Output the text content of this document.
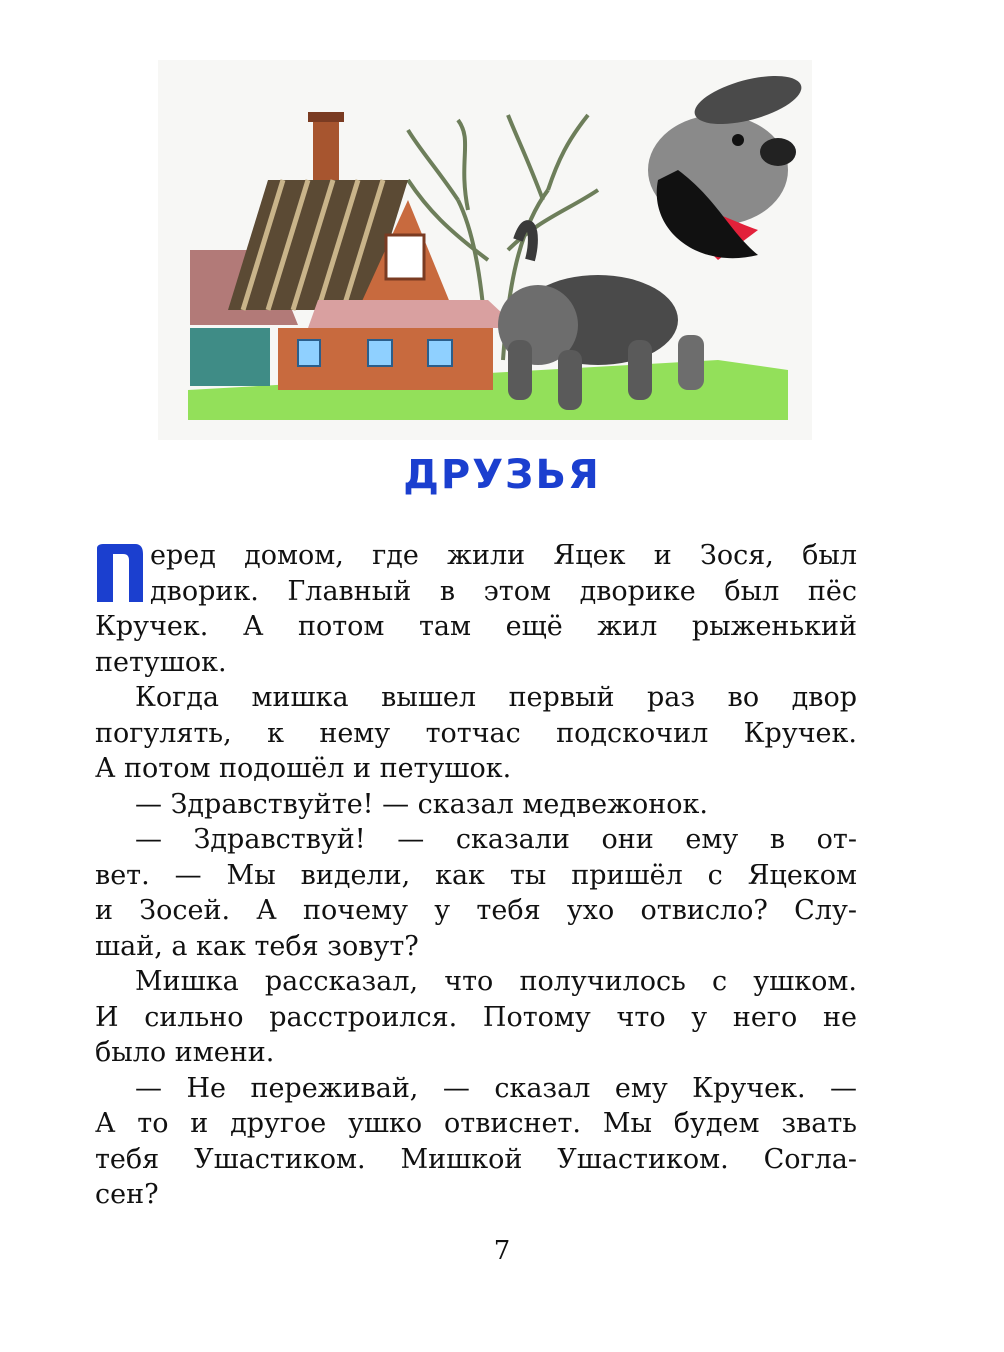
ДРУЗЬЯ
еред домом, где жили Яцек и Зося, был
дворик. Главный в этом дворике был пёс
Кручек. А потом там ещё жил рыженький
петушок.
Когда мишка вышел первый раз во двор
погулять, к нему тотчас подскочил Кручек.
А потом подошёл и петушок.
— Здравствуйте! — сказал медвежонок.
— Здравствуй! — сказали они ему в от-
вет. — Мы видели, как ты пришёл с Яцеком
и Зосей. А почему у тебя ухо отвисло? Слу-
шай, а как тебя зовут?
Мишка рассказал, что получилось с ушком.
И сильно расстроился. Потому что у него не
было имени.
— Не переживай, — сказал ему Кручек. —
А то и другое ушко отвиснет. Мы будем звать
тебя Ушастиком. Мишкой Ушастиком. Согла-
сен?
7
